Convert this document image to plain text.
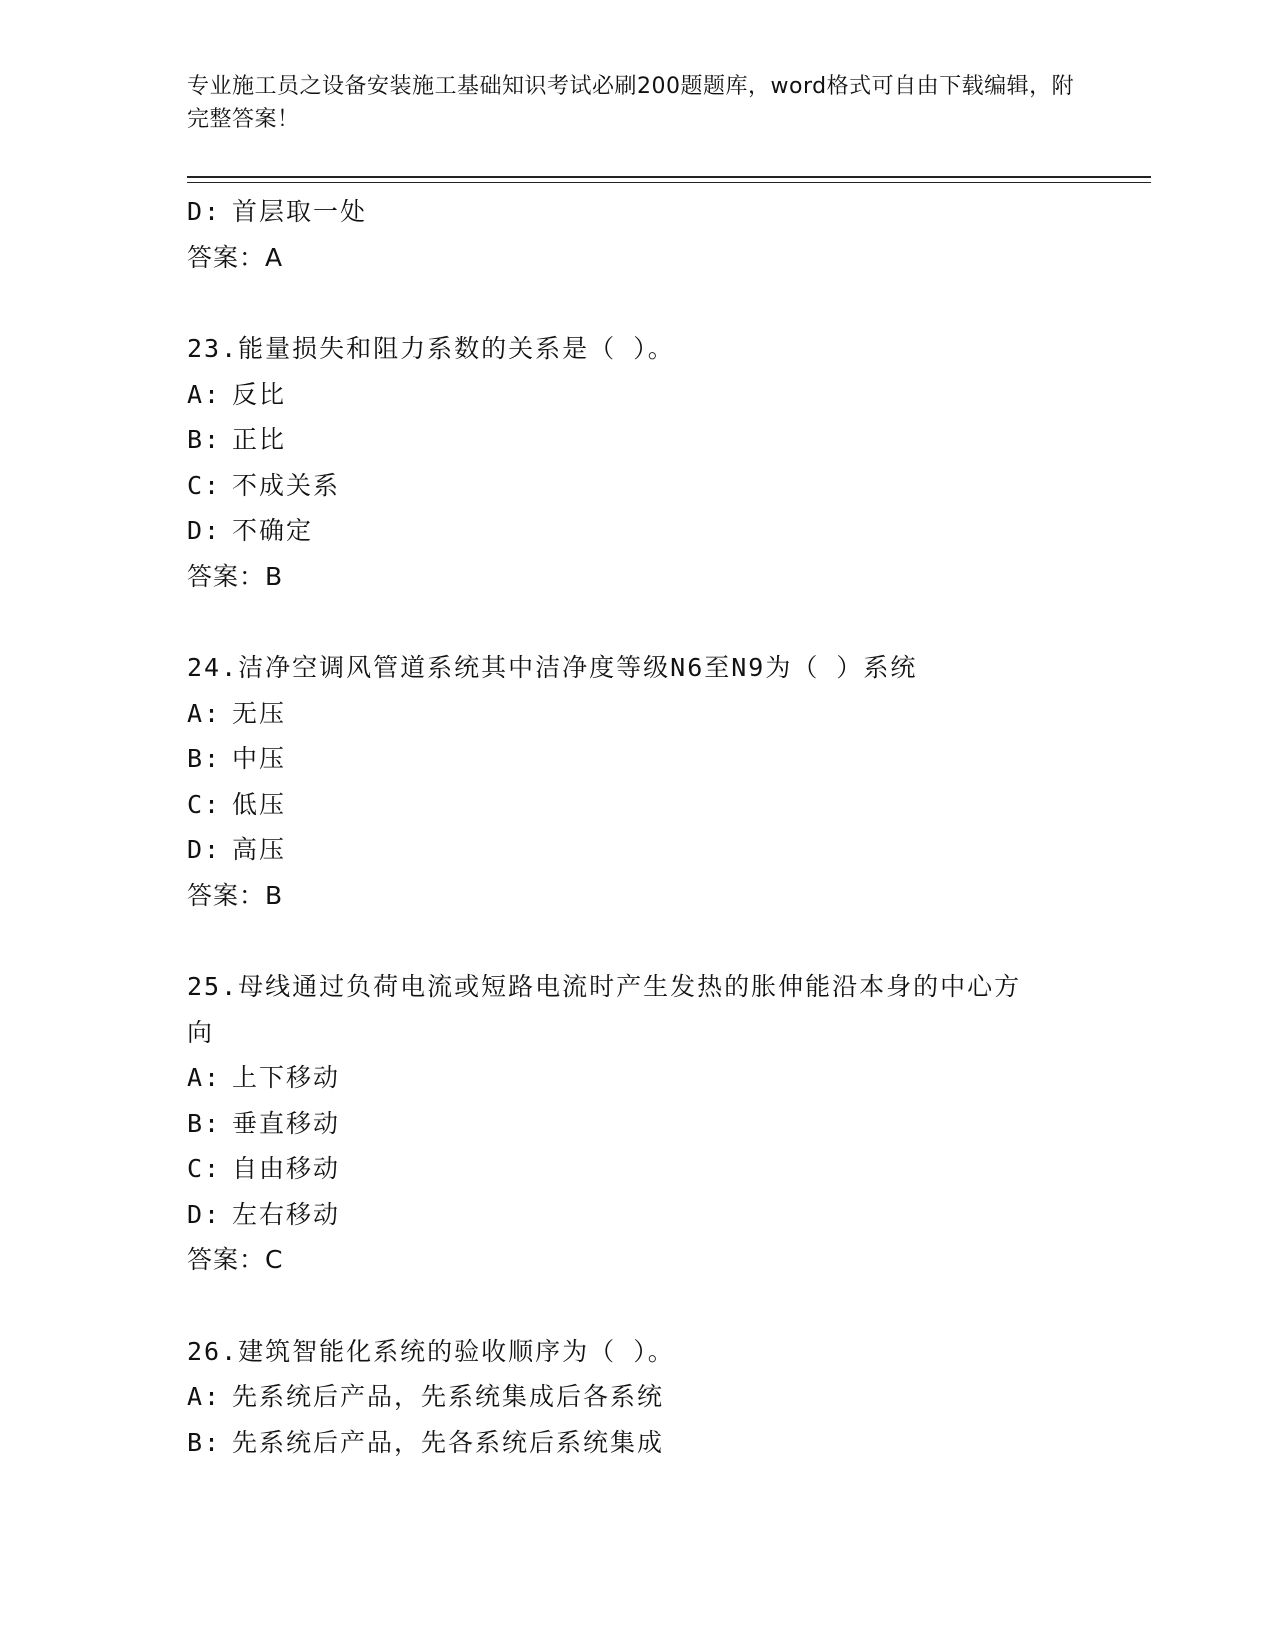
专业施工员之设备安装施工基础知识考试必刷200题题库，word格式可自由下载编辑，附完整答案！
D: 首层取一处
答案：A
23.能量损失和阻力系数的关系是（ ）。
A: 反比
B: 正比
C: 不成关系
D: 不确定
答案：B
24.洁净空调风管道系统其中洁净度等级N6至N9为（ ）系统
A: 无压
B: 中压
C: 低压
D: 高压
答案：B
25.母线通过负荷电流或短路电流时产生发热的胀伸能沿本身的中心方
向
A: 上下移动
B: 垂直移动
C: 自由移动
D: 左右移动
答案：C
26.建筑智能化系统的验收顺序为（ ）。
A: 先系统后产品，先系统集成后各系统
B: 先系统后产品，先各系统后系统集成
